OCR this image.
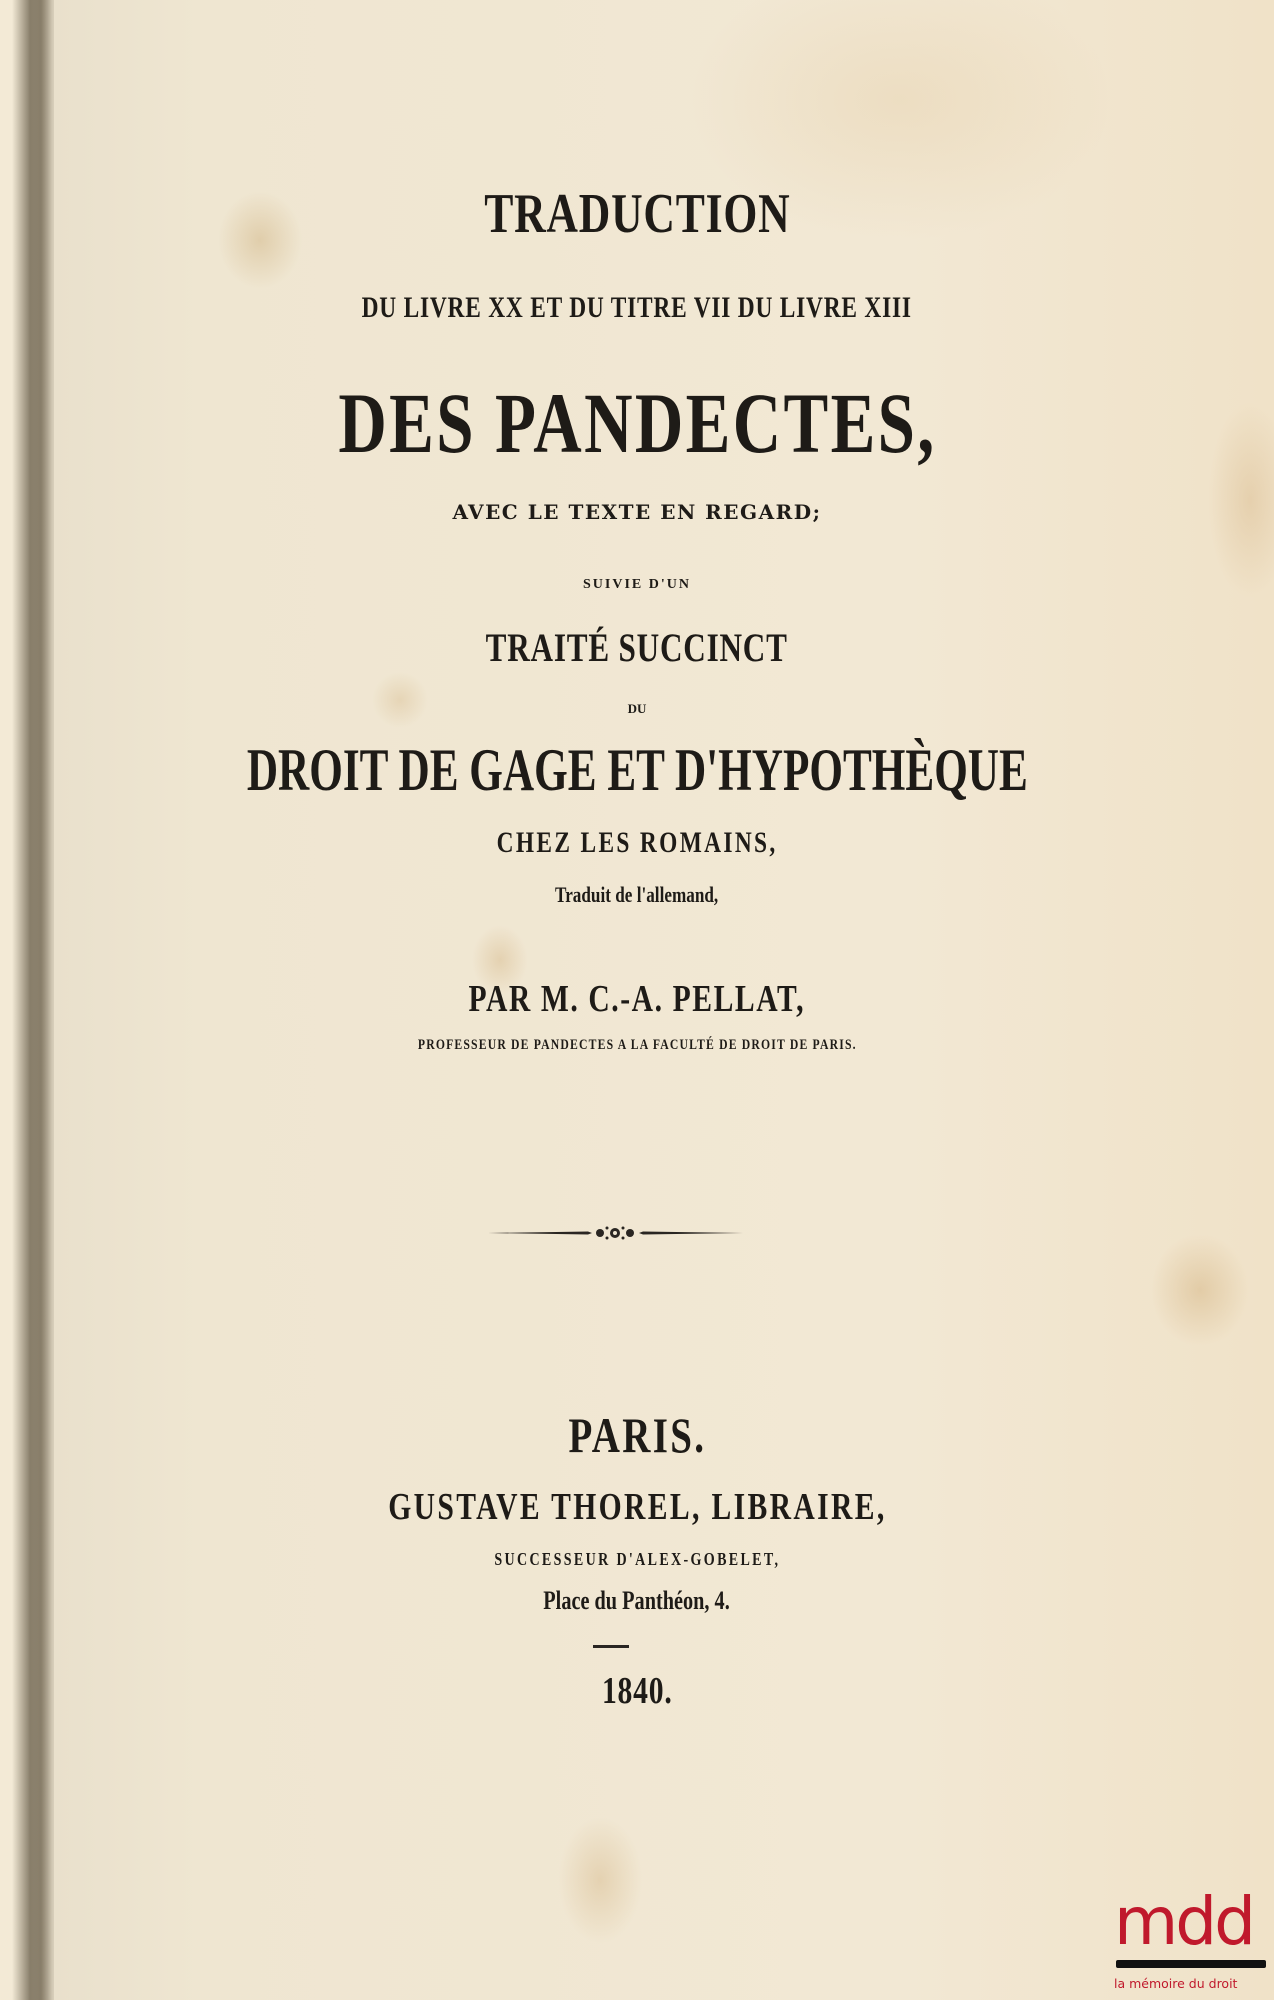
TRADUCTION
DU LIVRE XX ET DU TITRE VII DU LIVRE XIII
DES PANDECTES,
AVEC LE TEXTE EN REGARD;
SUIVIE D'UN
TRAITÉ SUCCINCT
DU
DROIT DE GAGE ET D'HYPOTHÈQUE
CHEZ LES ROMAINS,
Traduit de l'allemand,
PAR M. C.-A. PELLAT,
PROFESSEUR DE PANDECTES A LA FACULTÉ DE DROIT DE PARIS.
PARIS.
GUSTAVE THOREL, LIBRAIRE,
SUCCESSEUR D'ALEX-GOBELET,
Place du Panthéon, 4.
1840.
mdd
la mémoire du droit
